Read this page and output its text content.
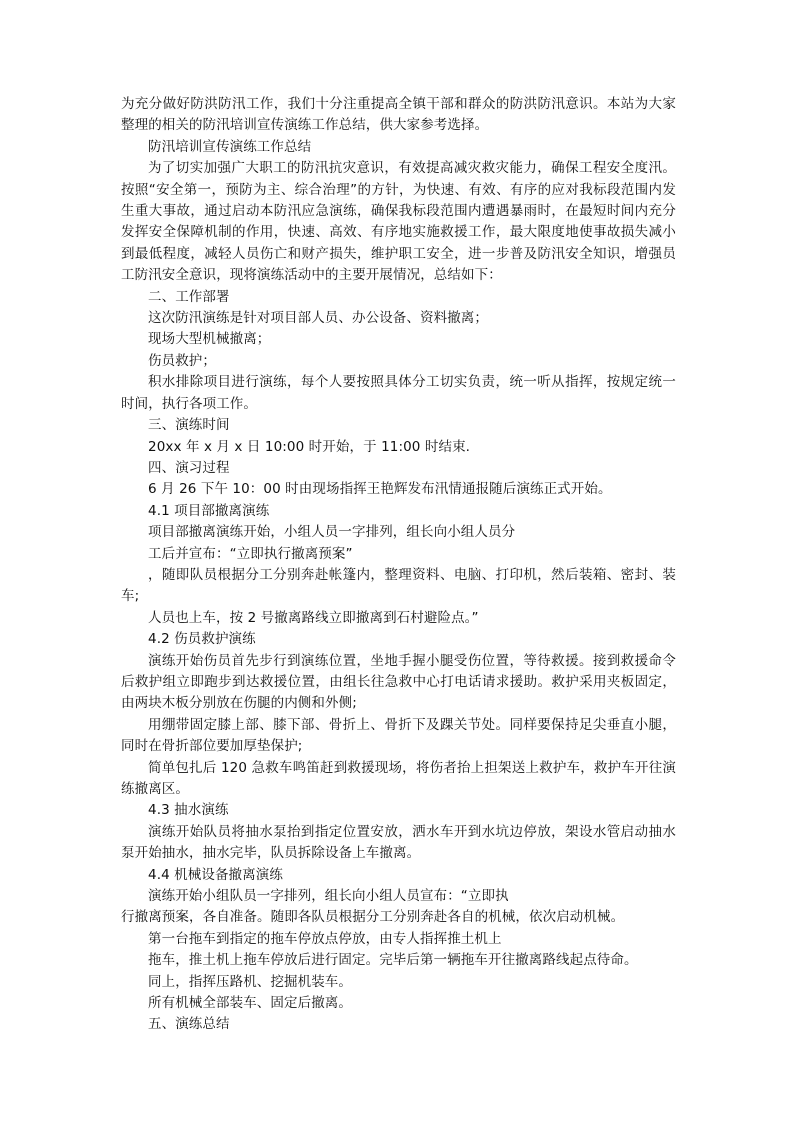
为充分做好防洪防汛工作，我们十分注重提高全镇干部和群众的防洪防汛意识。本站为大家整理的相关的防汛培训宣传演练工作总结，供大家参考选择。

防汛培训宣传演练工作总结

为了切实加强广大职工的防汛抗灾意识，有效提高减灾救灾能力，确保工程安全度汛。按照“安全第一，预防为主、综合治理”的方针，为快速、有效、有序的应对我标段范围内发生重大事故，通过启动本防汛应急演练，确保我标段范围内遭遇暴雨时，在最短时间内充分发挥安全保障机制的作用，快速、高效、有序地实施救援工作，最大限度地使事故损失减小到最低程度，减轻人员伤亡和财产损失，维护职工安全，进一步普及防汛安全知识，增强员工防汛安全意识，现将演练活动中的主要开展情况，总结如下：

二、工作部署

这次防汛演练是针对项目部人员、办公设备、资料撤离；

现场大型机械撤离；

伤员救护；

积水排除项目进行演练，每个人要按照具体分工切实负责，统一听从指挥，按规定统一时间，执行各项工作。

三、演练时间

20xx 年 x 月 x 日 10:00 时开始，于 11:00 时结束.

四、演习过程

6 月 26 下午 10：00 时由现场指挥王艳辉发布汛情通报随后演练正式开始。

4.1 项目部撤离演练

项目部撤离演练开始，小组人员一字排列，组长向小组人员分

工后并宣布：“立即执行撤离预案”

，随即队员根据分工分别奔赴帐篷内，整理资料、电脑、打印机，然后装箱、密封、装车;

人员也上车，按 2 号撤离路线立即撤离到石村避险点。”

4.2 伤员救护演练

演练开始伤员首先步行到演练位置，坐地手握小腿受伤位置，等待救援。接到救援命令后救护组立即跑步到达救援位置，由组长往急救中心打电话请求援助。救护采用夹板固定，由两块木板分别放在伤腿的内侧和外侧;

用绷带固定膝上部、膝下部、骨折上、骨折下及踝关节处。同样要保持足尖垂直小腿，同时在骨折部位要加厚垫保护;

简单包扎后 120 急救车鸣笛赶到救援现场，将伤者抬上担架送上救护车，救护车开往演练撤离区。

4.3 抽水演练

演练开始队员将抽水泵抬到指定位置安放，洒水车开到水坑边停放，架设水管启动抽水泵开始抽水，抽水完毕，队员拆除设备上车撤离。

4.4 机械设备撤离演练

演练开始小组队员一字排列，组长向小组人员宣布：“立即执

行撤离预案，各自准备。随即各队员根据分工分别奔赴各自的机械，依次启动机械。

第一台拖车到指定的拖车停放点停放，由专人指挥推土机上

拖车，推土机上拖车停放后进行固定。完毕后第一辆拖车开往撤离路线起点待命。

同上，指挥压路机、挖掘机装车。

所有机械全部装车、固定后撤离。

五、演练总结
